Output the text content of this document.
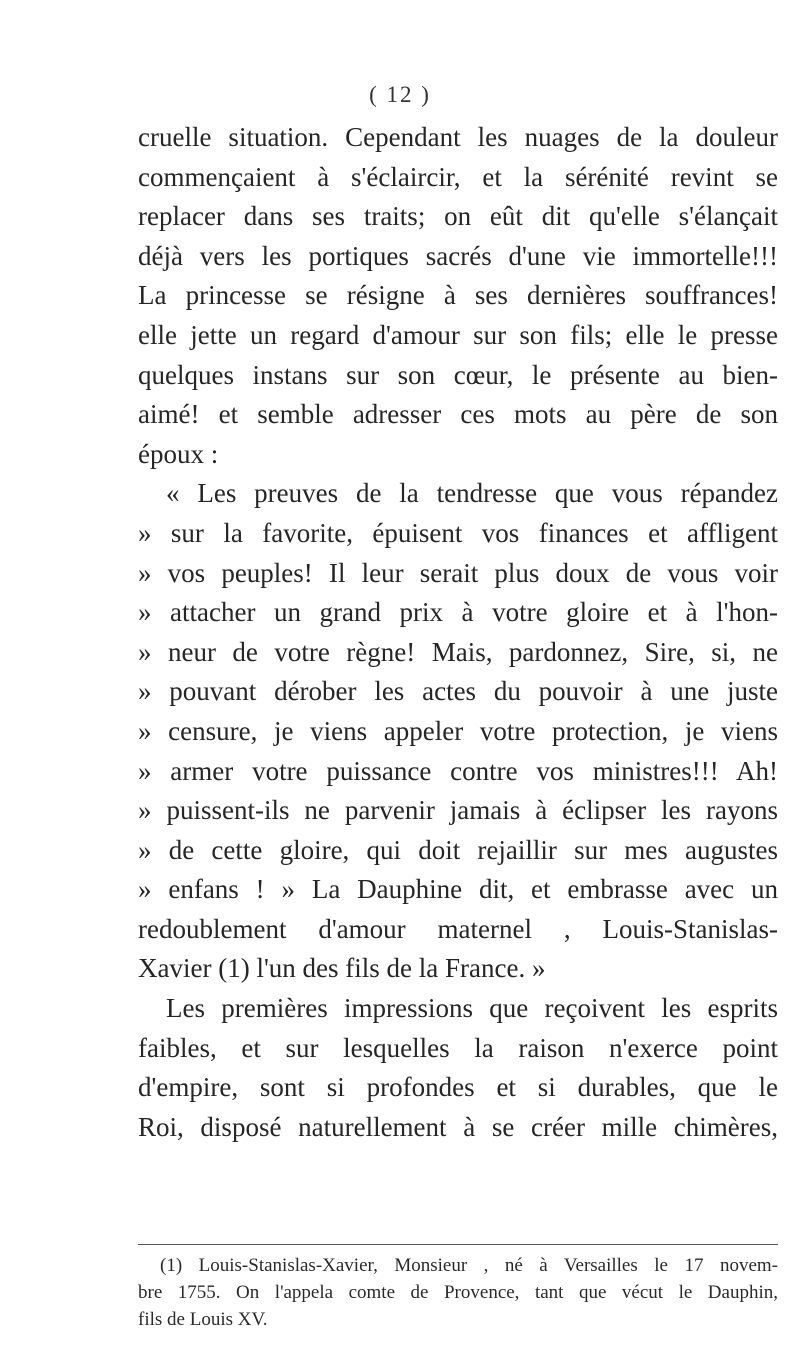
( 12 )
cruelle situation. Cependant les nuages de la douleur
commençaient à s'éclaircir, et la sérénité revint se
replacer dans ses traits; on eût dit qu'elle s'élançait
déjà vers les portiques sacrés d'une vie immortelle!!!
La princesse se résigne à ses dernières souffrances!
elle jette un regard d'amour sur son fils; elle le presse
quelques instans sur son cœur, le présente au bien-
aimé! et semble adresser ces mots au père de son
époux :
« Les preuves de la tendresse que vous répandez
» sur la favorite, épuisent vos finances et affligent
» vos peuples! Il leur serait plus doux de vous voir
» attacher un grand prix à votre gloire et à l'hon-
» neur de votre règne! Mais, pardonnez, Sire, si, ne
» pouvant dérober les actes du pouvoir à une juste
» censure, je viens appeler votre protection, je viens
» armer votre puissance contre vos ministres!!! Ah!
» puissent-ils ne parvenir jamais à éclipser les rayons
» de cette gloire, qui doit rejaillir sur mes augustes
» enfans ! » La Dauphine dit, et embrasse avec un
redoublement d'amour maternel , Louis-Stanislas-
Xavier (1) l'un des fils de la France. »
Les premières impressions que reçoivent les esprits
faibles, et sur lesquelles la raison n'exerce point
d'empire, sont si profondes et si durables, que le
Roi, disposé naturellement à se créer mille chimères,
(1) Louis-Stanislas-Xavier, Monsieur , né à Versailles le 17 novem-
bre 1755. On l'appela comte de Provence, tant que vécut le Dauphin,
fils de Louis XV.
